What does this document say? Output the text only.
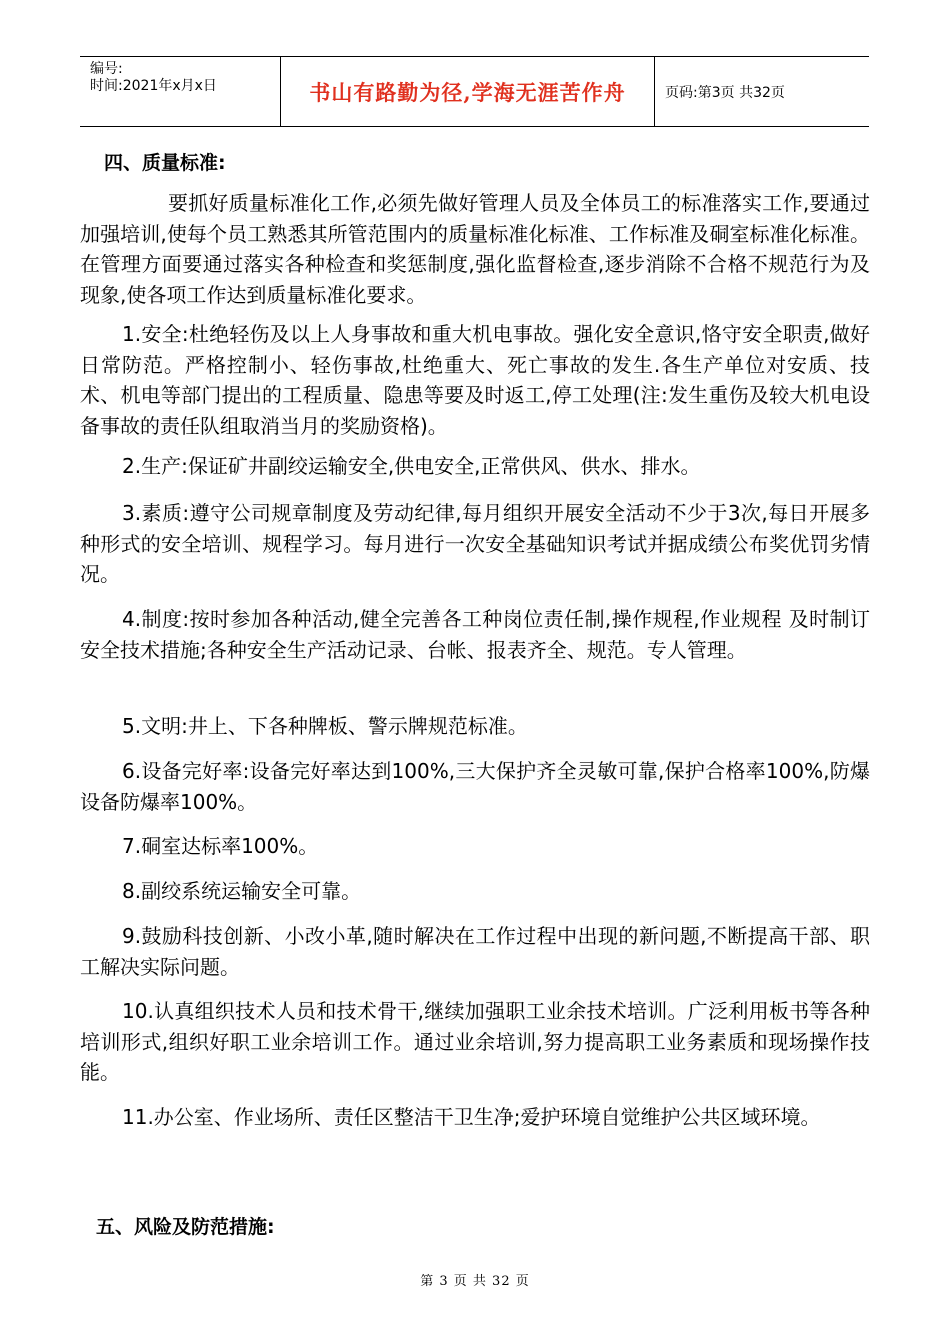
编号:
时间:2021年x月x日	书山有路勤为径,学海无涯苦作舟	页码:第3页 共32页
四、质量标准:

要抓好质量标准化工作,必须先做好管理人员及全体员工的标准落实工作,要通过加强培训,使每个员工熟悉其所管范围内的质量标准化标准、工作标准及硐室标准化标准。在管理方面要通过落实各种检查和奖惩制度,强化监督检查,逐步消除不合格不规范行为及现象,使各项工作达到质量标准化要求。

1.安全:杜绝轻伤及以上人身事故和重大机电事故。强化安全意识,恪守安全职责,做好日常防范。严格控制小、轻伤事故,杜绝重大、死亡事故的发生.各生产单位对安质、技术、机电等部门提出的工程质量、隐患等要及时返工,停工处理(注:发生重伤及较大机电设备事故的责任队组取消当月的奖励资格)。

2.生产:保证矿井副绞运输安全,供电安全,正常供风、供水、排水。

3.素质:遵守公司规章制度及劳动纪律,每月组织开展安全活动不少于3次,每日开展多种形式的安全培训、规程学习。每月进行一次安全基础知识考试并据成绩公布奖优罚劣情况。

4.制度:按时参加各种活动,健全完善各工种岗位责任制,操作规程,作业规程 及时制订安全技术措施;各种安全生产活动记录、台帐、报表齐全、规范。专人管理。

5.文明:井上、下各种牌板、警示牌规范标准。

6.设备完好率:设备完好率达到100%,三大保护齐全灵敏可靠,保护合格率100%,防爆设备防爆率100%。

7.硐室达标率100%。

8.副绞系统运输安全可靠。

9.鼓励科技创新、小改小革,随时解决在工作过程中出现的新问题,不断提高干部、职工解决实际问题。

10.认真组织技术人员和技术骨干,继续加强职工业余技术培训。广泛利用板书等各种培训形式,组织好职工业余培训工作。通过业余培训,努力提高职工业务素质和现场操作技能。

11.办公室、作业场所、责任区整洁干卫生净;爱护环境自觉维护公共区域环境。

五、风险及防范措施:
第 3 页 共 32 页
